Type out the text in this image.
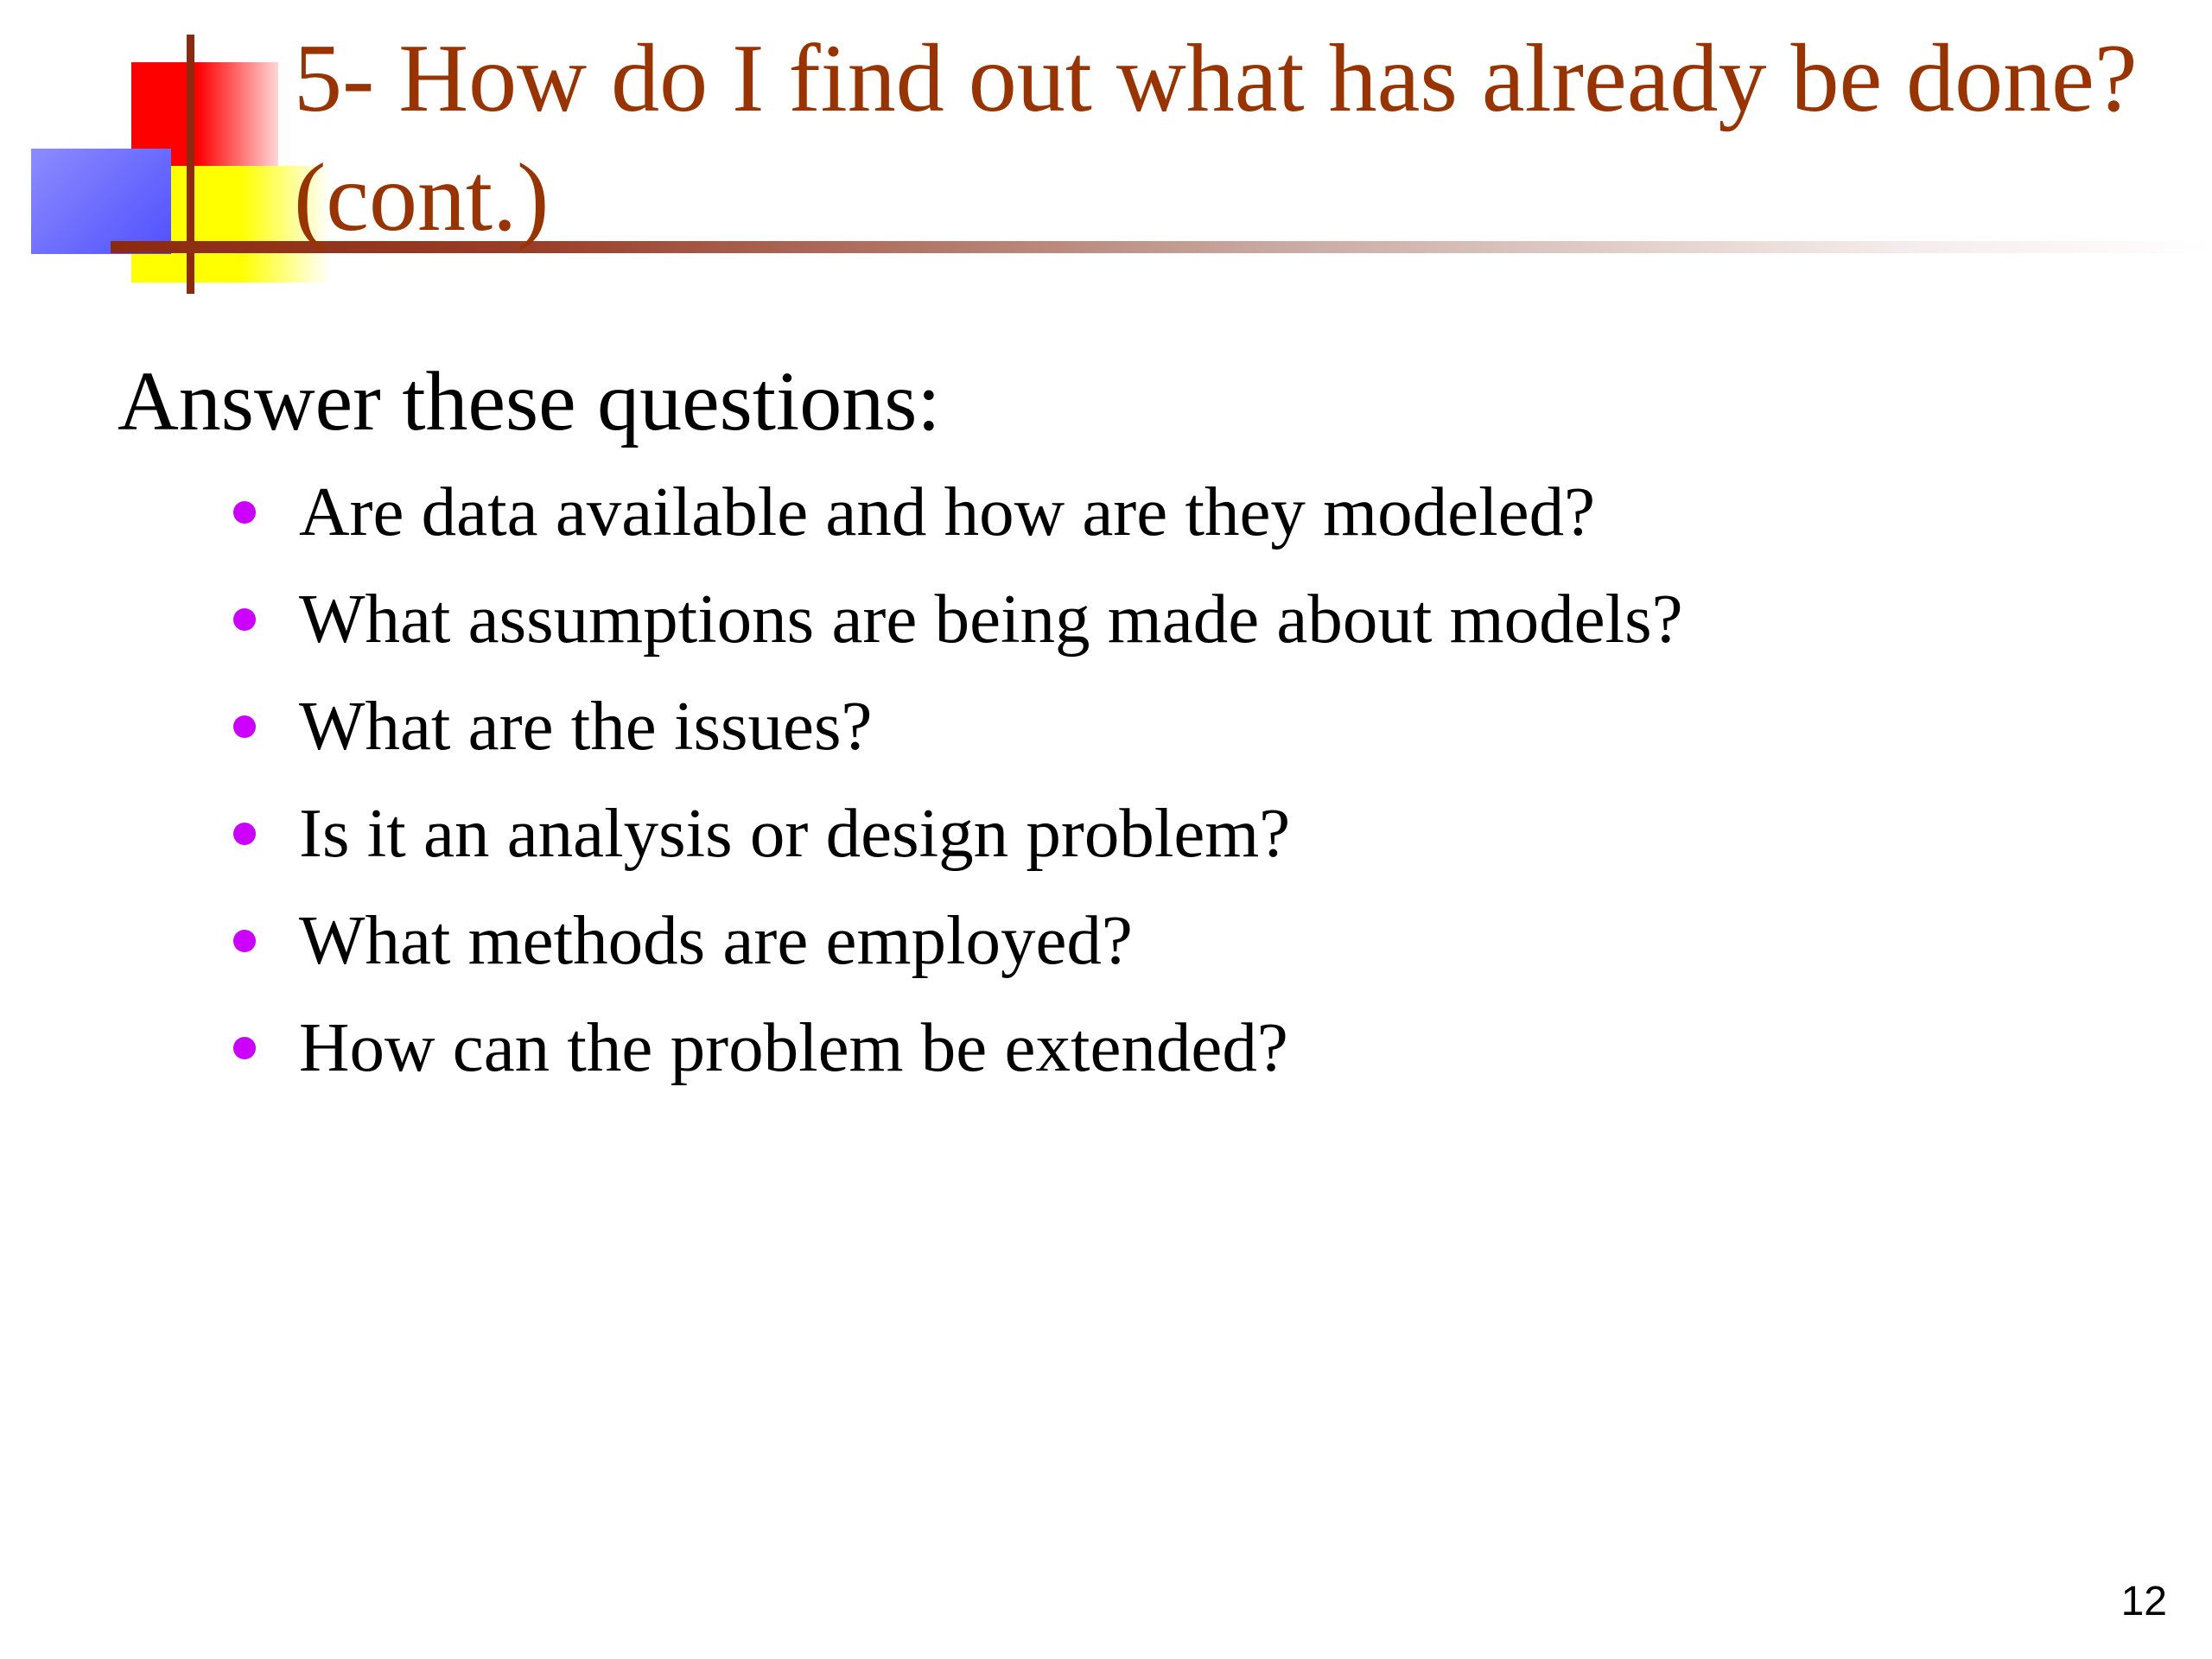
5- How do I find out what has already be done? (cont.)

Answer these questions:

Are data available and how are they modeled?
What assumptions are being made about models?
What are the issues?
Is it an analysis or design problem?
What methods are employed?
How can the problem be extended?
12
